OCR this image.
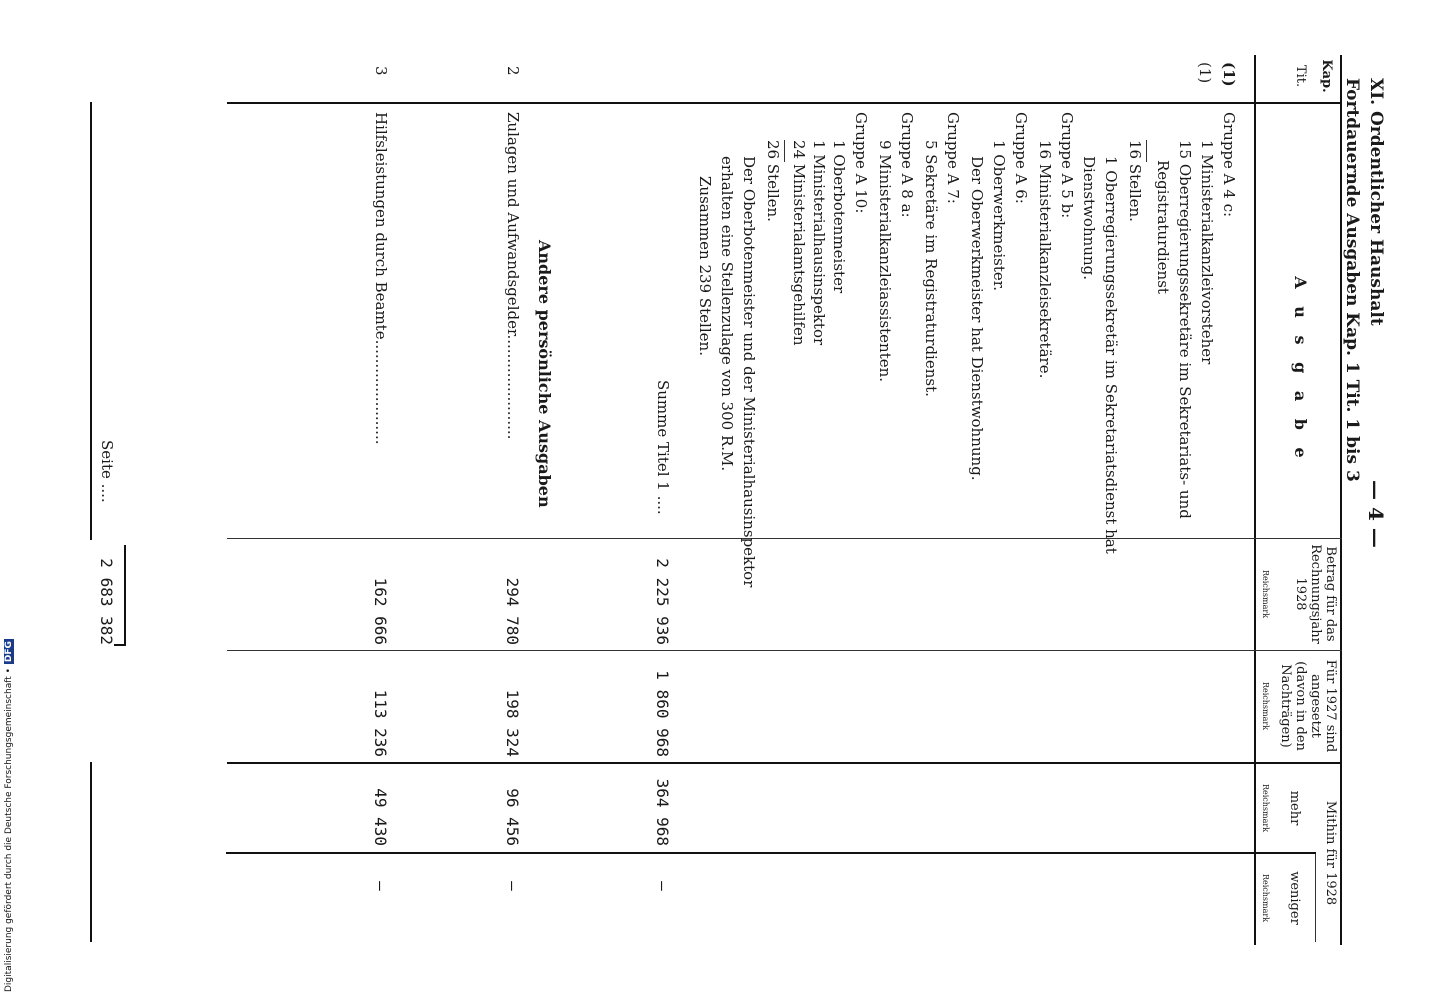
XI. Ordentlicher Haushalt
— 4 —
Fortdauernde Ausgaben Kap. 1 Tit. 1 bis 3
Kap.
Tit.
A u s g a b e
Betrag für das Rechnungsjahr 1928
Reichsmark
Für 1927 sind angesetzt (davon in den Nachträgen)
Reichsmark
Mithin für 1928
mehr
Reichsmark
weniger
Reichsmark
(1)
(1)
Gruppe A 4 c:
1 Ministerialkanzleivorsteher
15 Oberregierungssekretäre im Sekretariats- und
Registraturdienst
16 Stellen.
1 Oberregierungssekretär im Sekretariatsdienst hat
Dienstwohnung.
Gruppe A 5 b:
16 Ministerialkanzleisekretäre.
Gruppe A 6:
1 Oberwerkmeister.
Der Oberwerkmeister hat Dienstwohnung.
Gruppe A 7:
5 Sekretäre im Registraturdienst.
Gruppe A 8 a:
9 Ministerialkanzleiassistenten.
Gruppe A 10:
1 Oberbotenmeister
1 Ministerialhausinspektor
24 Ministerialamtsgehilfen
26 Stellen.
Der Oberbotenmeister und der Ministerialhausinspektor
erhalten eine Stellenzulage von 300 R.M.
Zusammen 239 Stellen.
Summe Titel 1 ....
2 225 936
1 860 968
364 968
—
Andere persönliche Ausgaben
2
Zulagen und Aufwandsgelder......................
294 780
198 324
96 456
—
3
Hilfsleistungen durch Beamte......................
162 666
113 236
49 430
—
Seite ....
2 683 382
Digitalisierung gefördert durch die Deutsche Forschungsgemeinschaft •DFG
